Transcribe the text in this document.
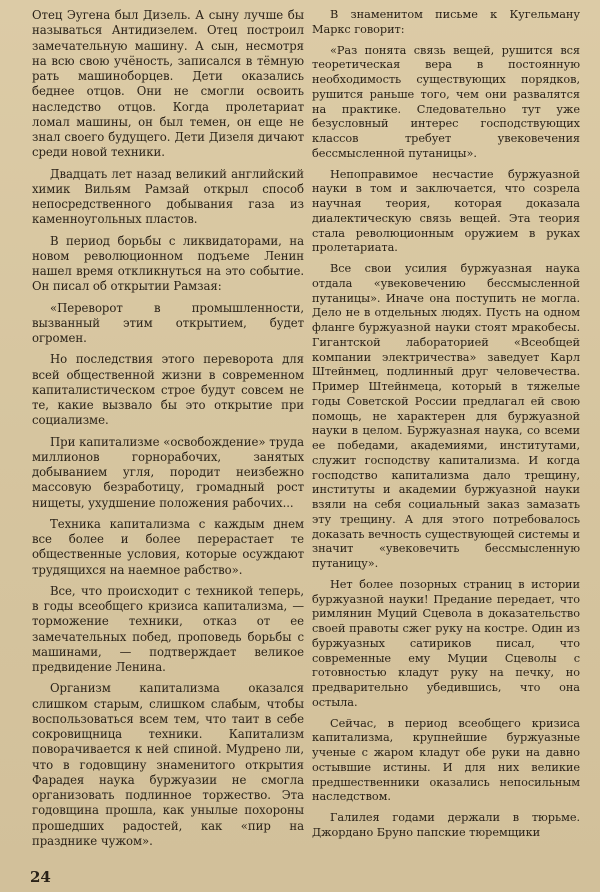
Отец Эугена был Дизель. А сыну лучше бы называться Антидизелем. Отец построил замечательную машину. А сын, несмотря на всю свою учёность, записался в тёмную рать машиноборцев. Дети оказались беднее отцов. Они не смогли освоить наследство отцов. Когда пролетариат ломал машины, он был темен, он еще не знал своего будущего. Дети Дизеля дичают среди новой техники.

Двадцать лет назад великий английский химик Вильям Рамзай открыл способ непосредственного добывания газа из каменноугольных пластов.

В период борьбы с ликвидаторами, на новом революционном подъеме Ленин нашел время откликнуться на это событие. Он писал об открытии Рамзая:

«Переворот в промышленности, вызванный этим открытием, будет огромен.

Но последствия этого переворота для всей общественной жизни в современном капиталистическом строе будут совсем не те, какие вызвало бы это открытие при социализме.

При капитализме «освобождение» труда миллионов горнорабочих, занятых добыванием угля, породит неизбежно массовую безработицу, громадный рост нищеты, ухудшение положения рабочих...

Техника капитализма с каждым днем все более и более перерастает те общественные условия, которые осуждают трудящихся на наемное рабство».

Все, что происходит с техникой теперь, в годы всеобщего кризиса капитализма, — торможение техники, отказ от ее замечательных побед, проповедь борьбы с машинами, — подтверждает великое предвидение Ленина.

Организм капитализма оказался слишком старым, слишком слабым, чтобы воспользоваться всем тем, что таит в себе сокровищница техники. Капитализм поворачивается к ней спиной. Мудрено ли, что в годовщину знаменитого открытия Фарадея наука буржуазии не смогла организовать подлинное торжество. Эта годовщина прошла, как унылые похороны прошедших радостей, как «пир на празднике чужом».

В знаменитом письме к Кугельману Маркс говорит:

«Раз понята связь вещей, рушится вся теоретическая вера в постоянную необходимость существующих порядков, рушится раньше того, чем они развалятся на практике. Следовательно тут уже безусловный интерес господствующих классов требует увековечения бессмысленной путаницы».

Непоправимое несчастие буржуазной науки в том и заключается, что созрела научная теория, которая доказала диалектическую связь вещей. Эта теория стала революционным оружием в руках пролетариата.

Все свои усилия буржуазная наука отдала «увековечению бессмысленной путаницы». Иначе она поступить не могла. Дело не в отдельных людях. Пусть на одном фланге буржуазной науки стоят мракобесы. Гигантской лабораторией «Всеобщей компании электричества» заведует Карл Штейнмец, подлинный друг человечества. Пример Штейнмеца, который в тяжелые годы Советской России предлагал ей свою помощь, не характерен для буржуазной науки в целом. Буржуазная наука, со всеми ее победами, академиями, институтами, служит господству капитализма. И когда господство капитализма дало трещину, институты и академии буржуазной науки взяли на себя социальный заказ замазать эту трещину. А для этого потребовалось доказать вечность существующей системы и значит «увековечить бессмысленную путаницу».

Нет более позорных страниц в истории буржуазной науки! Предание передает, что римлянин Муций Сцевола в доказательство своей правоты сжег руку на костре. Один из буржуазных сатириков писал, что современные ему Муции Сцеволы с готовностью кладут руку на печку, но предварительно убедившись, что она остыла.

Сейчас, в период всеобщего кризиса капитализма, крупнейшие буржуазные ученые с жаром кладут обе руки на давно остывшие истины. И для них великие предшественники оказались непосильным наследством.

Галилея годами держали в тюрьме. Джордано Бруно папские тюремщики

24
